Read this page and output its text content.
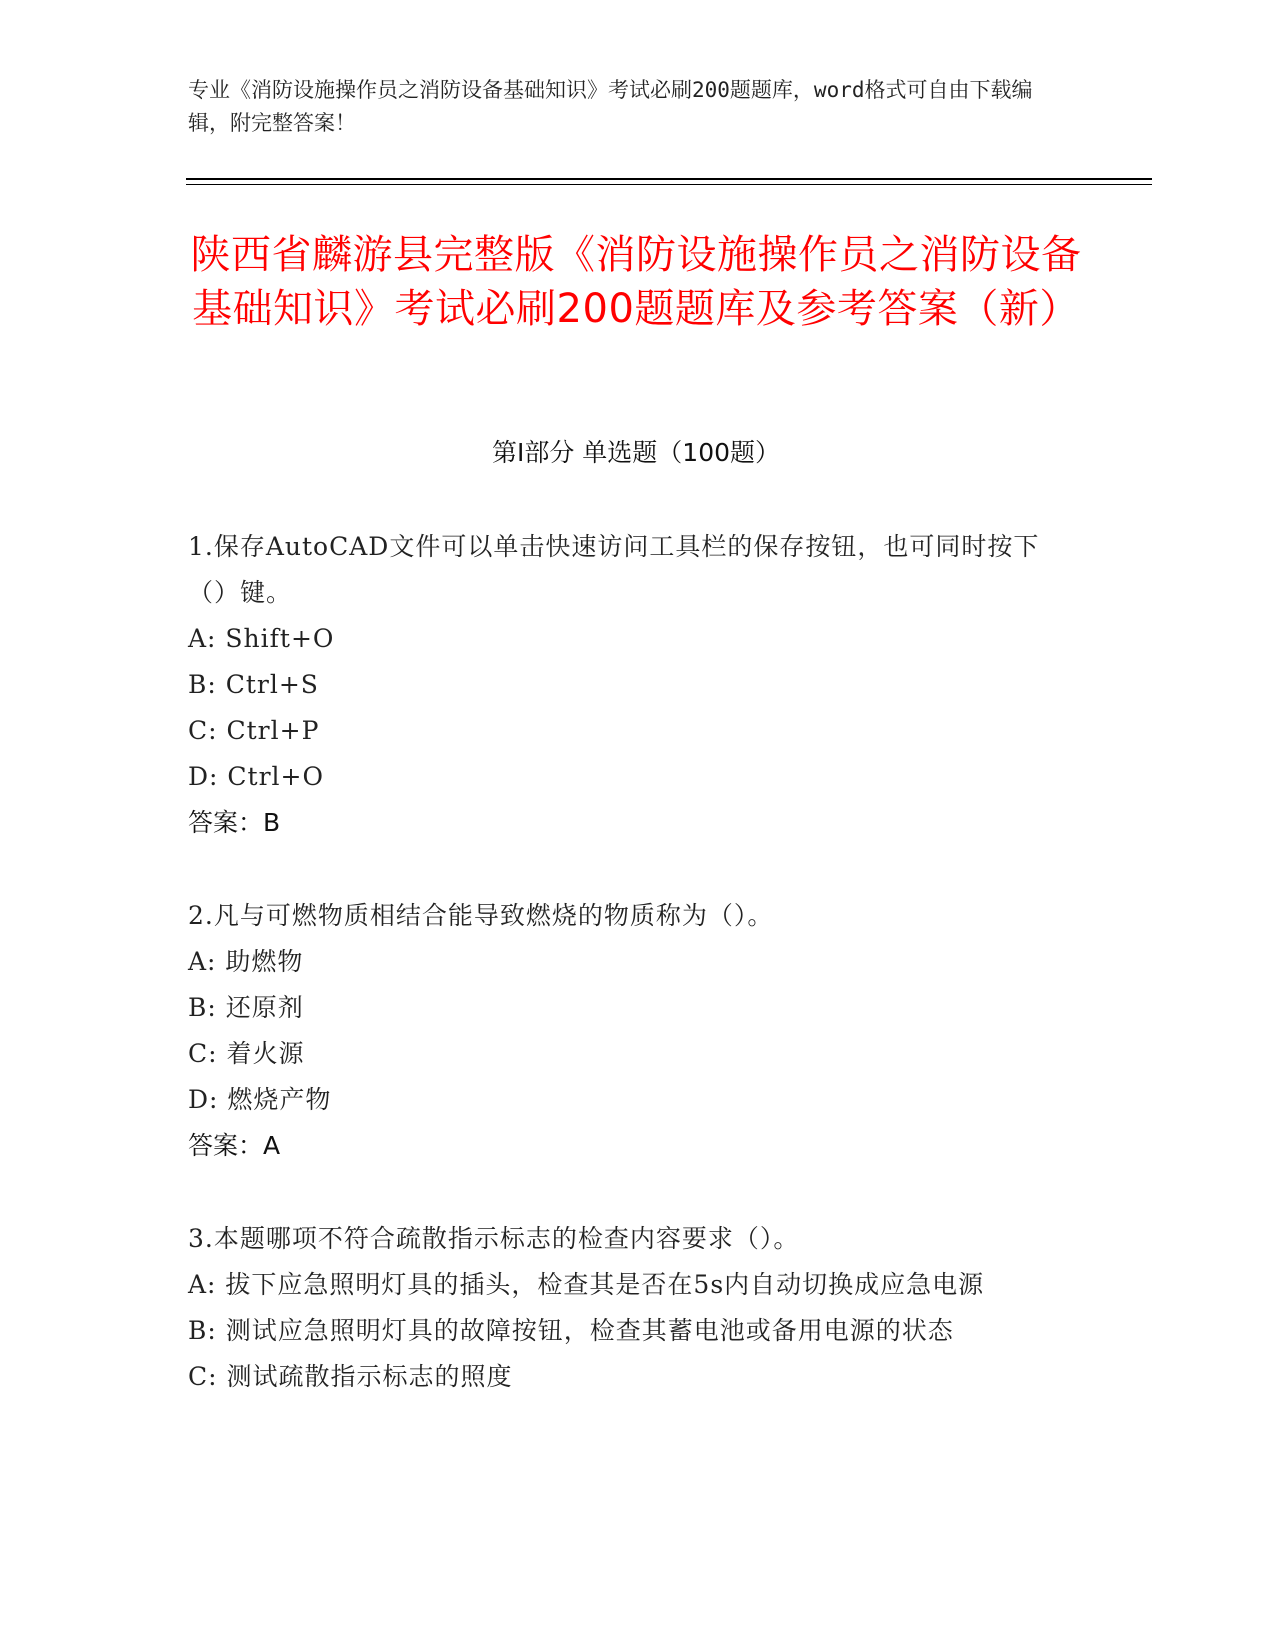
专业《消防设施操作员之消防设备基础知识》考试必刷200题题库，word格式可自由下载编辑，附完整答案！
陕西省麟游县完整版《消防设施操作员之消防设备基础知识》考试必刷200题题库及参考答案（新）
第I部分 单选题（100题）
1.保存AutoCAD文件可以单击快速访问工具栏的保存按钮，也可同时按下（）键。
A: Shift+O
B: Ctrl+S
C: Ctrl+P
D: Ctrl+O
答案：B
2.凡与可燃物质相结合能导致燃烧的物质称为（）。
A: 助燃物
B: 还原剂
C: 着火源
D: 燃烧产物
答案：A
3.本题哪项不符合疏散指示标志的检查内容要求（）。
A: 拔下应急照明灯具的插头，检查其是否在5s内自动切换成应急电源
B: 测试应急照明灯具的故障按钮，检查其蓄电池或备用电源的状态
C: 测试疏散指示标志的照度
